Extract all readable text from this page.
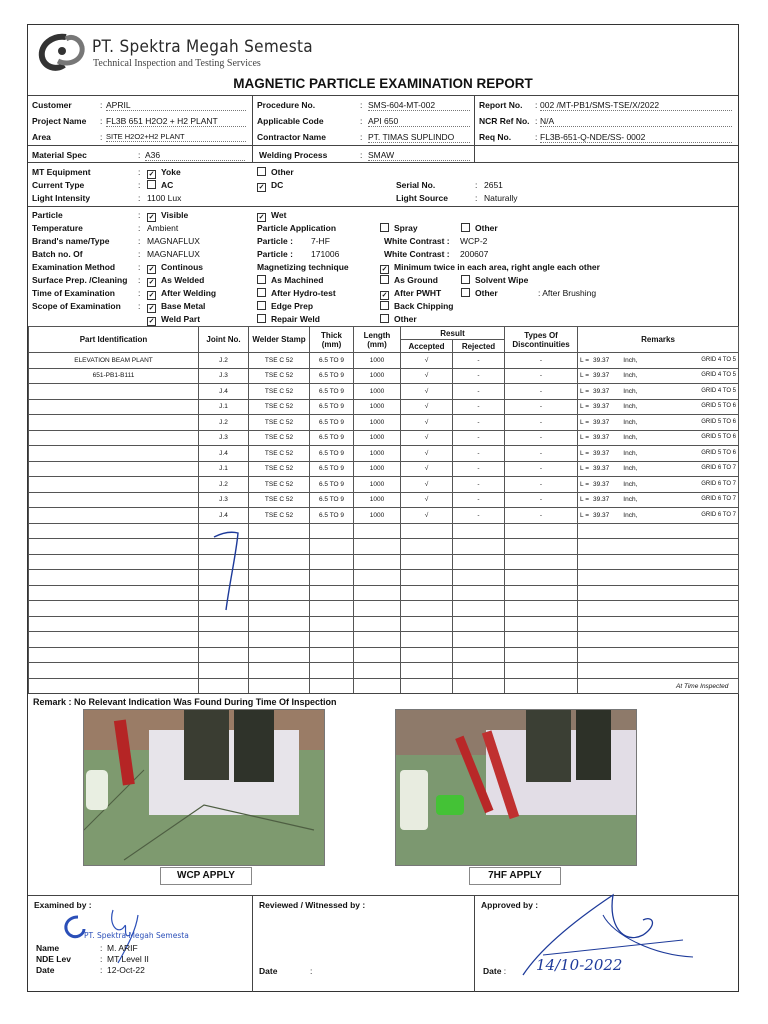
PT. Spektra Megah Semesta
Technical Inspection and Testing Services
MAGNETIC PARTICLE EXAMINATION REPORT
Customer	: APRIL
Project Name : FL3B 651 H2O2 + H2 PLANT
Area	: SITE H2O2+H2 PLANT
Procedure No.	: SMS-604-MT-002
Applicable Code	: API 650
Contractor Name	: PT. TIMAS SUPLINDO
Report No. : 002 /MT-PB1/SMS-TSE/X/2022
NCR Ref No. : N/A
Req No.	: FL3B-651-Q-NDE/SS- 0002
Material Spec	: A36	Welding Process	: SMAW
MT Equipment	: ✓ Yoke	Other
Current Type	:	AC	✓ DC	Serial No.	: 2651
Light Intensity	: 1100 Lux	Light Source	: Naturally
Particle	: ✓ Visible	✓ Wet
Temperature	: Ambient	Particle Application	Spray	Other
Brand's name/Type	: MAGNAFLUX	Particle : 7-HF	White Contrast : WCP-2
Batch no. Of	: MAGNAFLUX	Particle : 171006	White Contrast : 200607
Examination Method	: ✓ Continous	Magnetizing technique	✓ Minimum twice in each area, right angle each other
Surface Prep. /Cleaning : ✓ As Welded	As Machined	As Ground	Solvent Wipe
Time of Examination	: ✓ After Welding	After Hydro-test	✓ After PWHT	Other	: After Brushing
Scope of Examination : ✓ Base Metal	Edge Prep	Back Chipping
✓ Weld Part	Repair Weld	Other
Part Identification	Joint No.	Welder Stamp	Thick (mm)	Length (mm)	Result		Types Of Discontinuities	Remarks
					Accepted	Rejected		
ELEVATION BEAM PLANT	J.2	TSE C 52	6.5 TO 9	1000	√	-	-	L = 39.37 Inch, GRID 4 TO 5

651-PB1-B111	J.3	TSE C 52	6.5 TO 9	1000	√	-	-	L = 39.37 Inch, GRID 4 TO 5

	J.4	TSE C 52	6.5 TO 9	1000	√	-	-	L = 39.37 Inch, GRID 4 TO 5

	J.1	TSE C 52	6.5 TO 9	1000	√	-	-	L = 39.37 Inch, GRID 5 TO 6

	J.2	TSE C 52	6.5 TO 9	1000	√	-	-	L = 39.37 Inch, GRID 5 TO 6

	J.3	TSE C 52	6.5 TO 9	1000	√	-	-	L = 39.37 Inch, GRID 5 TO 6

	J.4	TSE C 52	6.5 TO 9	1000	√	-	-	L = 39.37 Inch, GRID 5 TO 6

	J.1	TSE C 52	6.5 TO 9	1000	√	-	-	L = 39.37 Inch, GRID 6 TO 7

	J.2	TSE C 52	6.5 TO 9	1000	√	-	-	L = 39.37 Inch, GRID 6 TO 7

	J.3	TSE C 52	6.5 TO 9	1000	√	-	-	L = 39.37 Inch, GRID 6 TO 7

	J.4	TSE C 52	6.5 TO 9	1000	√	-	-	L = 39.37 Inch, GRID 6 TO 7

At Time Inspected
Remark : No Relevant Indication Was Found During Time Of Inspection
WCP APPLY	7HF APPLY
Examined by :	Reviewed / Witnessed by :	Approved by :
PT. Spektra Megah Semesta
Name	: M. ARIF
NDE Lev	: MT Level II
Date	: 12-Oct-22	Date	:	Date : 14/10-2022
